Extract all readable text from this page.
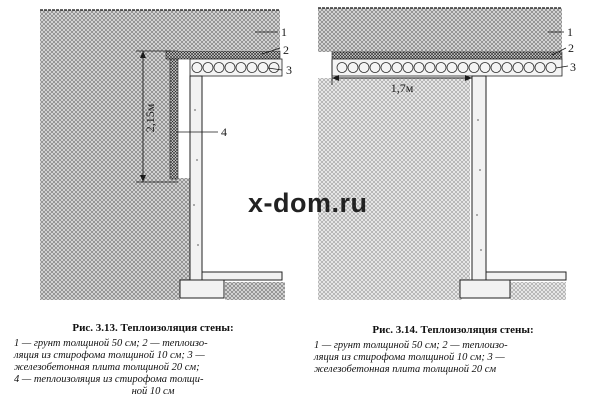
2,15м
1
2
3
4
1,7м
1
2
3
x-dom.ru
Рис. 3.13. Теплоизоляция стены:
1 — грунт толщиной 50 см; 2 — теплоизо-
ляция из стирофома толщиной 10 см; 3 —
железобетонная плита толщиной 20 см;
4 — теплоизоляция из стирофома толщи-
ной 10 см
Рис. 3.14. Теплоизоляция стены:
1 — грунт толщиной 50 см; 2 — теплоизо-
ляция из стирофома толщиной 10 см; 3 —
железобетонная плита толщиной 20 см
